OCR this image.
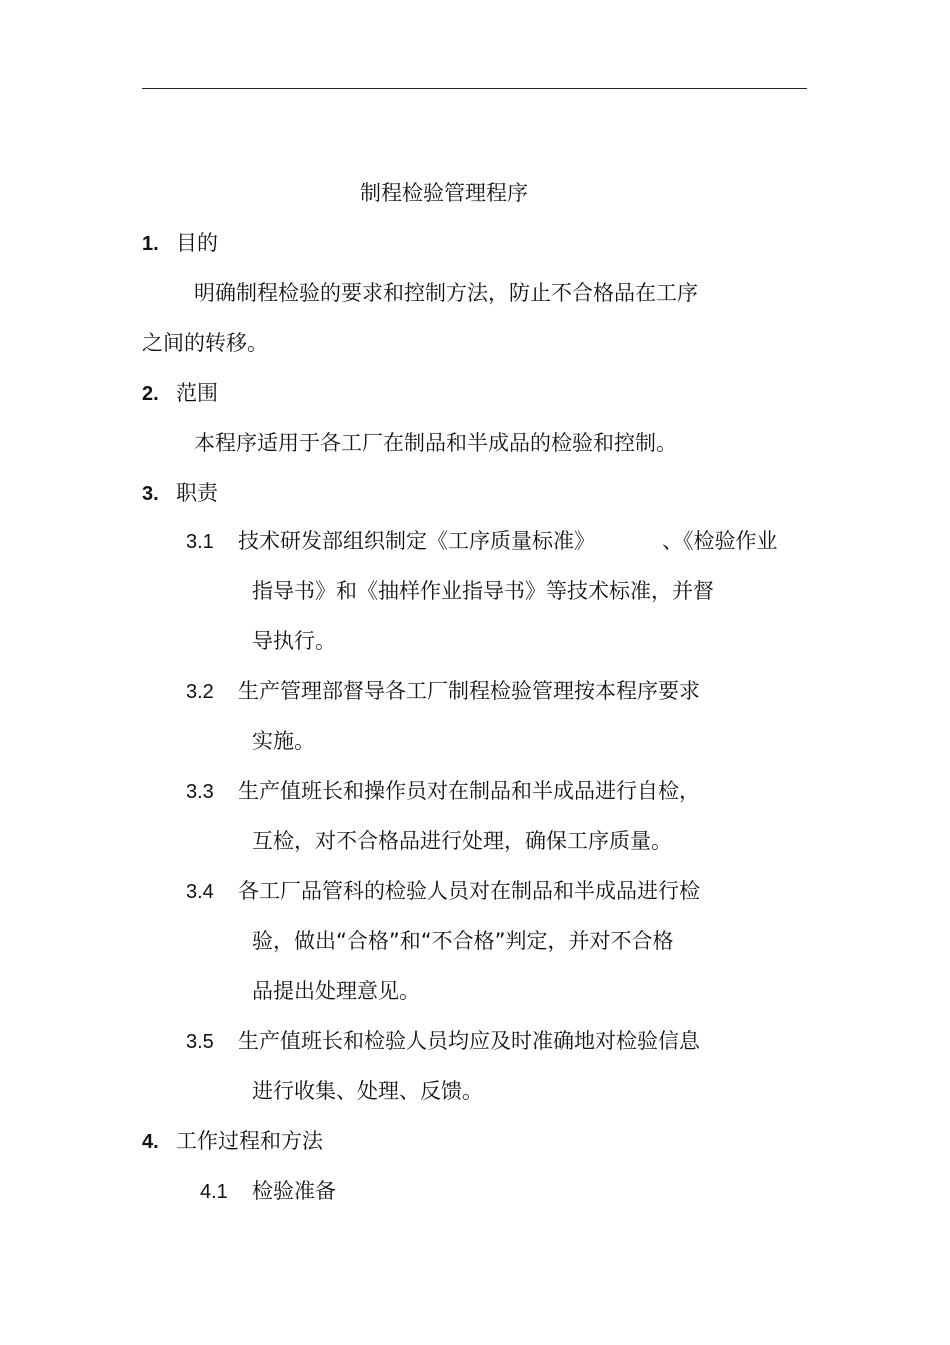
制程检验管理程序
1. 目的
明确制程检验的要求和控制方法，防止不合格品在工序
之间的转移。
2. 范围
本程序适用于各工厂在制品和半成品的检验和控制。
3. 职责
3.1 技术研发部组织制定《工序质量标准》	、《检验作业
指导书》和《抽样作业指导书》等技术标准，并督
导执行。
3.2 生产管理部督导各工厂制程检验管理按本程序要求
实施。
3.3 生产值班长和操作员对在制品和半成品进行自检，
互检，对不合格品进行处理，确保工序质量。
3.4 各工厂品管科的检验人员对在制品和半成品进行检
验，做出“合格”和“不合格”判定，并对不合格
品提出处理意见。
3.5 生产值班长和检验人员均应及时准确地对检验信息
进行收集、处理、反馈。
4. 工作过程和方法
4.1 检验准备
